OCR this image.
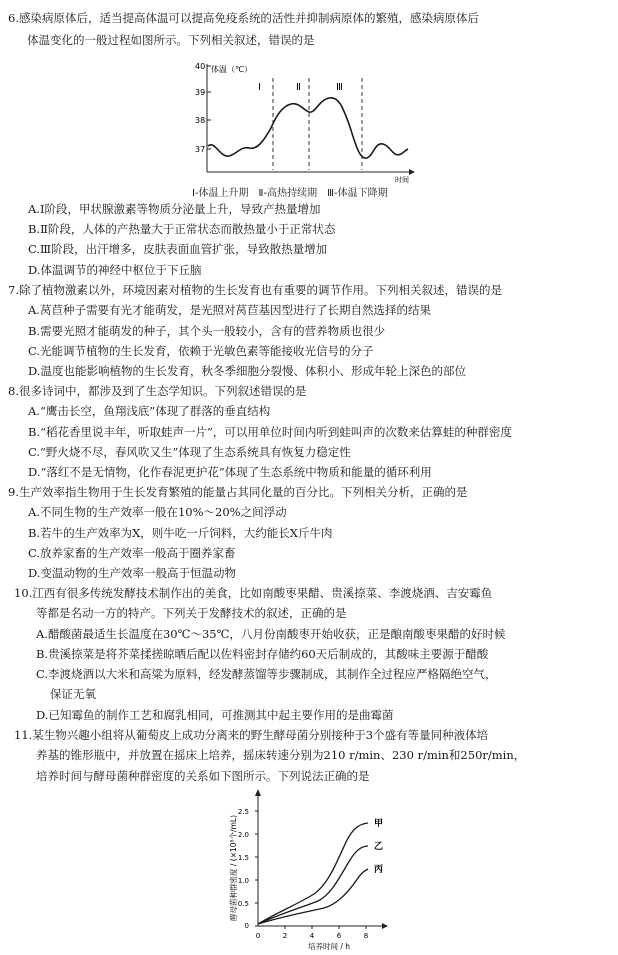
6.感染病原体后，适当提高体温可以提高免疫系统的活性并抑制病原体的繁殖，感染病原体后
体温变化的一般过程如图所示。下列相关叙述，错误的是
40
39
38
37
体温（℃）
时间
Ⅰ	Ⅱ	Ⅲ
Ⅰ-体温上升期　Ⅱ-高热持续期　Ⅲ-体温下降期
A.Ⅰ阶段，甲状腺激素等物质分泌量上升，导致产热量增加
B.Ⅱ阶段，人体的产热量大于正常状态而散热量小于正常状态
C.Ⅲ阶段，出汗增多，皮肤表面血管扩张，导致散热量增加
D.体温调节的神经中枢位于下丘脑
7.除了植物激素以外，环境因素对植物的生长发育也有重要的调节作用。下列相关叙述，错误的是
A.莴苣种子需要有光才能萌发，是光照对莴苣基因型进行了长期自然选择的结果
B.需要光照才能萌发的种子，其个头一般较小，含有的营养物质也很少
C.光能调节植物的生长发育，依赖于光敏色素等能接收光信号的分子
D.温度也能影响植物的生长发育，秋冬季细胞分裂慢、体积小、形成年轮上深色的部位
8.很多诗词中，都涉及到了生态学知识。下列叙述错误的是
A.“鹰击长空，鱼翔浅底”体现了群落的垂直结构
B.“稻花香里说丰年，听取蛙声一片”，可以用单位时间内听到蛙叫声的次数来估算蛙的种群密度
C.“野火烧不尽，春风吹又生”体现了生态系统具有恢复力稳定性
D.“落红不是无情物，化作春泥更护花”体现了生态系统中物质和能量的循环利用
9.生产效率指生物用于生长发育繁殖的能量占其同化量的百分比。下列相关分析，正确的是
A.不同生物的生产效率一般在10%～20%之间浮动
B.若牛的生产效率为X，则牛吃一斤饲料，大约能长X斤牛肉
C.放养家畜的生产效率一般高于圈养家畜
D.变温动物的生产效率一般高于恒温动物
10.江西有很多传统发酵技术制作出的美食，比如南酸枣果醋、贵溪捺菜、李渡烧酒、吉安霉鱼
等都是名动一方的特产。下列关于发酵技术的叙述，正确的是
A.醋酸菌最适生长温度在30℃～35℃，八月份南酸枣开始收获，正是酿南酸枣果醋的好时候
B.贵溪捺菜是将芥菜揉搓晾晒后配以佐料密封存储约60天后制成的，其酸味主要源于醋酸
C.李渡烧酒以大米和高粱为原料，经发酵蒸馏等步骤制成，其制作全过程应严格隔绝空气，
保证无氧
D.已知霉鱼的制作工艺和腐乳相同，可推测其中起主要作用的是曲霉菌
11.某生物兴趣小组将从葡萄皮上成功分离来的野生酵母菌分别接种于3个盛有等量同种液体培
养基的锥形瓶中，并放置在摇床上培养，摇床转速分别为210 r/min、230 r/min和250r/min，
培养时间与酵母菌种群密度的关系如下图所示。下列说法正确的是
酵母菌种群密度 / (×10⁸个/mL)
0
0.5
1.0
1.5
2.0
2.5
0	2	4	6	8
培养时间 / h
甲
乙
丙
